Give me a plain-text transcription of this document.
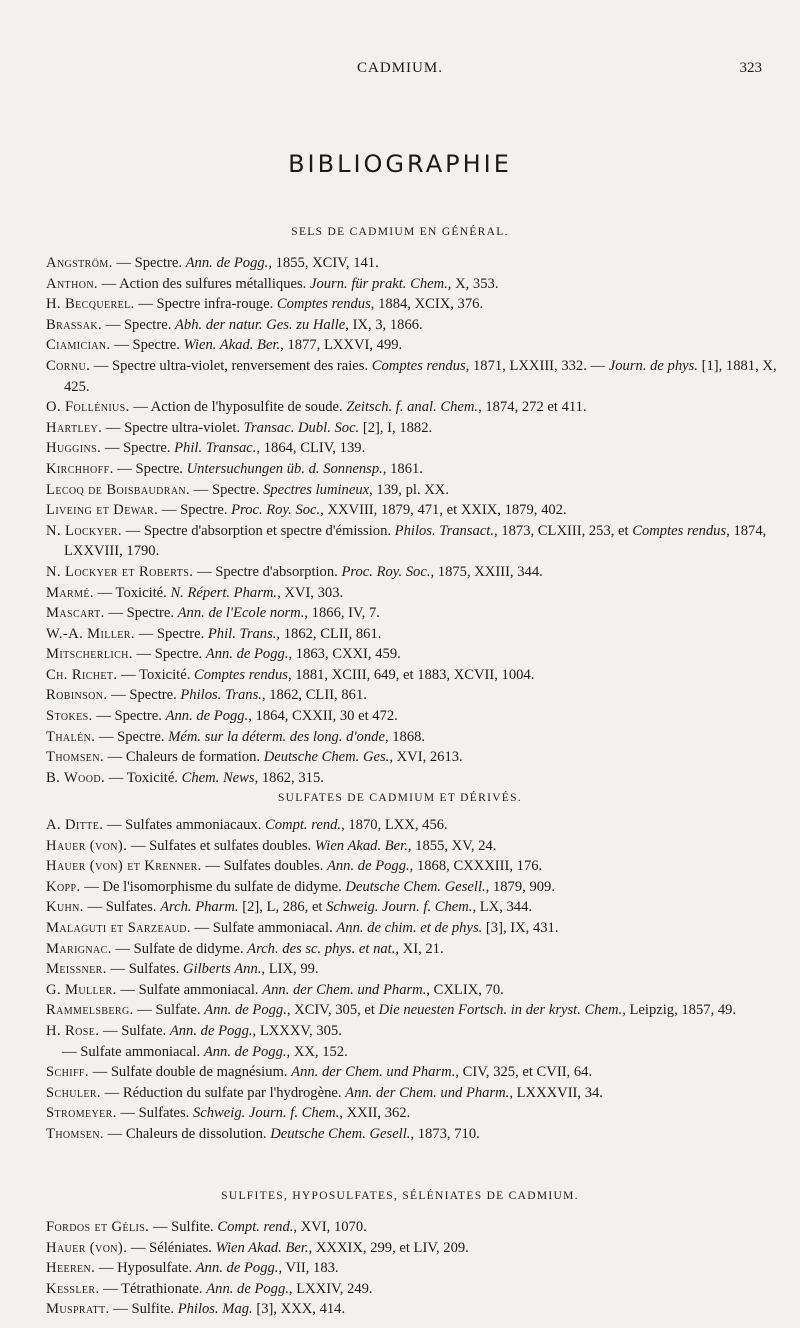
CADMIUM.	323
BIBLIOGRAPHIE
SELS DE CADMIUM EN GÉNÉRAL.
Angström. — Spectre. Ann. de Pogg., 1855, XCIV, 141.
Anthon. — Action des sulfures métalliques. Journ. für prakt. Chem., X, 353.
H. Becquerel. — Spectre infra-rouge. Comptes rendus, 1884, XCIX, 376.
Brassak. — Spectre. Abh. der natur. Ges. zu Halle, IX, 3, 1866.
Ciamician. — Spectre. Wien. Akad. Ber., 1877, LXXVI, 499.
Cornu. — Spectre ultra-violet, renversement des raies. Comptes rendus, 1871, LXXIII, 332. — Journ. de phys. [1], 1881, X, 425.
O. Follénius. — Action de l'hyposulfite de soude. Zeitsch. f. anal. Chem., 1874, 272 et 411.
Hartley. — Spectre ultra-violet. Transac. Dubl. Soc. [2], I, 1882.
Huggins. — Spectre. Phil. Transac., 1864, CLIV, 139.
Kirchhoff. — Spectre. Untersuchungen üb. d. Sonnensp., 1861.
Lecoq de Boisbaudran. — Spectre. Spectres lumineux, 139, pl. XX.
Liveing et Dewar. — Spectre. Proc. Roy. Soc., XXVIII, 1879, 471, et XXIX, 1879, 402.
N. Lockyer. — Spectre d'absorption et spectre d'émission. Philos. Transact., 1873, CLXIII, 253, et Comptes rendus, 1874, LXXVIII, 1790.
N. Lockyer et Roberts. — Spectre d'absorption. Proc. Roy. Soc., 1875, XXIII, 344.
Marmé. — Toxicité. N. Répert. Pharm., XVI, 303.
Mascart. — Spectre. Ann. de l'Ecole norm., 1866, IV, 7.
W.-A. Miller. — Spectre. Phil. Trans., 1862, CLII, 861.
Mitscherlich. — Spectre. Ann. de Pogg., 1863, CXXI, 459.
Ch. Richet. — Toxicité. Comptes rendus, 1881, XCIII, 649, et 1883, XCVII, 1004.
Robinson. — Spectre. Philos. Trans., 1862, CLII, 861.
Stokes. — Spectre. Ann. de Pogg., 1864, CXXII, 30 et 472.
Thalén. — Spectre. Mém. sur la déterm. des long. d'onde, 1868.
Thomsen. — Chaleurs de formation. Deutsche Chem. Ges., XVI, 2613.
B. Wood. — Toxicité. Chem. News, 1862, 315.
SULFATES DE CADMIUM ET DÉRIVÉS.
A. Ditte. — Sulfates ammoniacaux. Compt. rend., 1870, LXX, 456.
Hauer (von). — Sulfates et sulfates doubles. Wien Akad. Ber., 1855, XV, 24.
Hauer (von) et Krenner. — Sulfates doubles. Ann. de Pogg., 1868, CXXXIII, 176.
Kopp. — De l'isomorphisme du sulfate de didyme. Deutsche Chem. Gesell., 1879, 909.
Kuhn. — Sulfates. Arch. Pharm. [2], L, 286, et Schweig. Journ. f. Chem., LX, 344.
Malaguti et Sarzeaud. — Sulfate ammoniacal. Ann. de chim. et de phys. [3], IX, 431.
Marignac. — Sulfate de didyme. Arch. des sc. phys. et nat., XI, 21.
Meissner. — Sulfates. Gilberts Ann., LIX, 99.
G. Muller. — Sulfate ammoniacal. Ann. der Chem. und Pharm., CXLIX, 70.
Rammelsberg. — Sulfate. Ann. de Pogg., XCIV, 305, et Die neuesten Fortsch. in der kryst. Chem., Leipzig, 1857, 49.
H. Rose. — Sulfate. Ann. de Pogg., LXXXV, 305.
— Sulfate ammoniacal. Ann. de Pogg., XX, 152.
Schiff. — Sulfate double de magnésium. Ann. der Chem. und Pharm., CIV, 325, et CVII, 64.
Schuler. — Réduction du sulfate par l'hydrogène. Ann. der Chem. und Pharm., LXXXVII, 34.
Stromeyer. — Sulfates. Schweig. Journ. f. Chem., XXII, 362.
Thomsen. — Chaleurs de dissolution. Deutsche Chem. Gesell., 1873, 710.
SULFITES, HYPOSULFATES, SÉLÉNIATES DE CADMIUM.
Fordos et Gélis. — Sulfite. Compt. rend., XVI, 1070.
Hauer (von). — Séléniates. Wien Akad. Ber., XXXIX, 299, et LIV, 209.
Heeren. — Hyposulfate. Ann. de Pogg., VII, 183.
Kessler. — Tétrathionate. Ann. de Pogg., LXXIV, 249.
Muspratt. — Sulfite. Philos. Mag. [3], XXX, 414.
